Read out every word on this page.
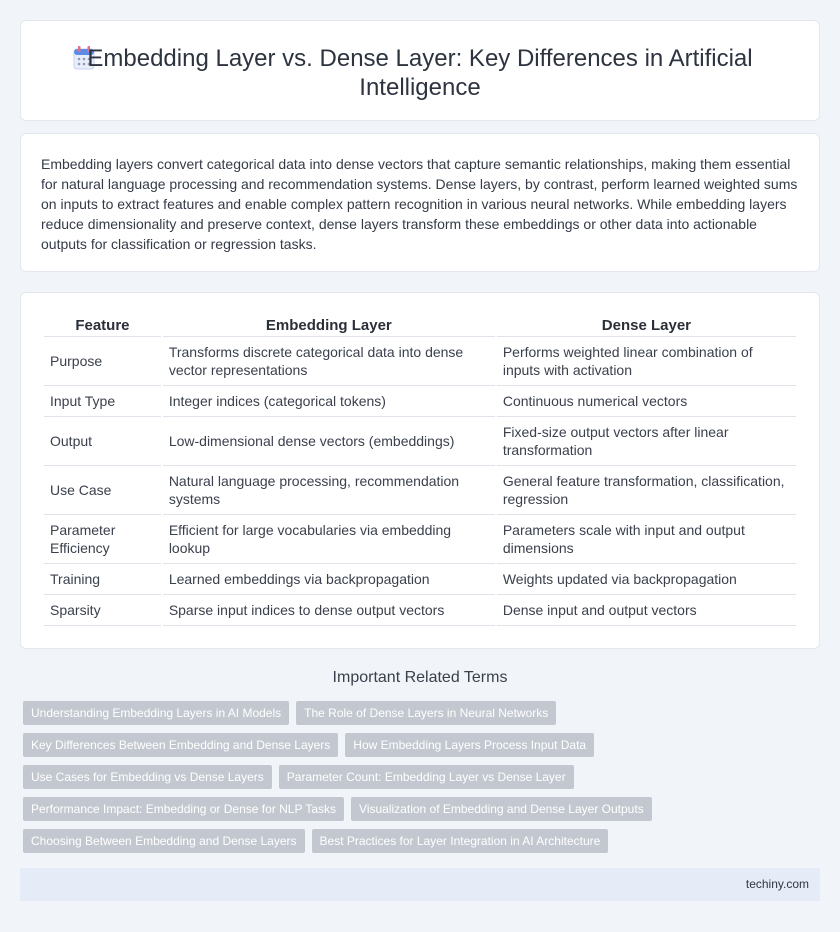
Embedding Layer vs. Dense Layer: Key Differences in Artificial Intelligence

Embedding layers convert categorical data into dense vectors that capture semantic relationships, making them essential for natural language processing and recommendation systems. Dense layers, by contrast, perform learned weighted sums on inputs to extract features and enable complex pattern recognition in various neural networks. While embedding layers reduce dimensionality and preserve context, dense layers transform these embeddings or other data into actionable outputs for classification or regression tasks.

Feature	Embedding Layer	Dense Layer
Purpose	Transforms discrete categorical data into dense vector representations	Performs weighted linear combination of inputs with activation
Input Type	Integer indices (categorical tokens)	Continuous numerical vectors
Output	Low-dimensional dense vectors (embeddings)	Fixed-size output vectors after linear transformation
Use Case	Natural language processing, recommendation systems	General feature transformation, classification, regression
Parameter Efficiency	Efficient for large vocabularies via embedding lookup	Parameters scale with input and output dimensions
Training	Learned embeddings via backpropagation	Weights updated via backpropagation
Sparsity	Sparse input indices to dense output vectors	Dense input and output vectors
Important Related Terms
Understanding Embedding Layers in AI Models	The Role of Dense Layers in Neural Networks
Key Differences Between Embedding and Dense Layers	How Embedding Layers Process Input Data
Use Cases for Embedding vs Dense Layers	Parameter Count: Embedding Layer vs Dense Layer
Performance Impact: Embedding or Dense for NLP Tasks	Visualization of Embedding and Dense Layer Outputs
Choosing Between Embedding and Dense Layers	Best Practices for Layer Integration in AI Architecture
techiny.com
